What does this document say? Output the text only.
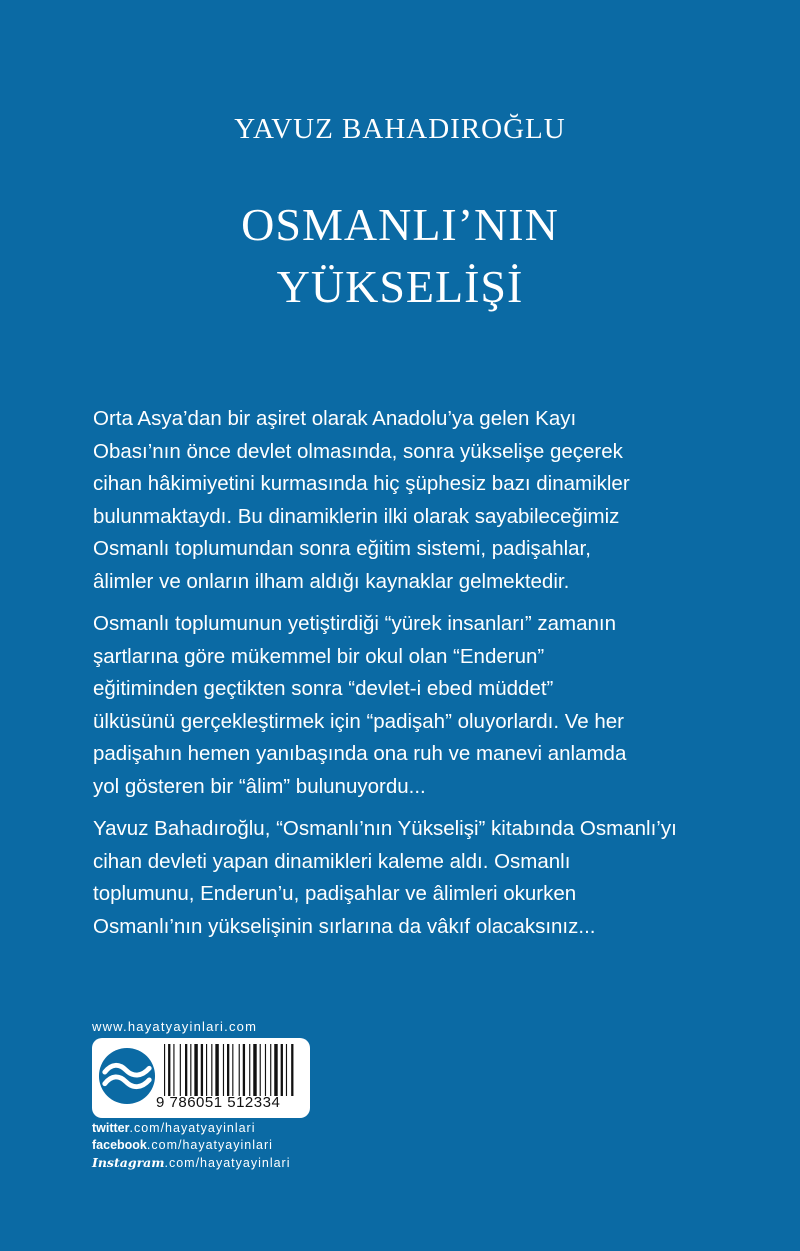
YAVUZ BAHADIROĞLU
OSMANLI’NIN
YÜKSELİŞİ

Orta Asya’dan bir aşiret olarak Anadolu’ya gelen Kayı
Obası’nın önce devlet olmasında, sonra yükselişe geçerek
cihan hâkimiyetini kurmasında hiç şüphesiz bazı dinamikler
bulunmaktaydı. Bu dinamiklerin ilki olarak sayabileceğimiz
Osmanlı toplumundan sonra eğitim sistemi, padişahlar,
âlimler ve onların ilham aldığı kaynaklar gelmektedir.

Osmanlı toplumunun yetiştirdiği “yürek insanları” zamanın
şartlarına göre mükemmel bir okul olan “Enderun”
eğitiminden geçtikten sonra “devlet-i ebed müddet”
ülküsünü gerçekleştirmek için “padişah” oluyorlardı. Ve her
padişahın hemen yanıbaşında ona ruh ve manevi anlamda
yol gösteren bir “âlim” bulunuyordu...

Yavuz Bahadıroğlu, “Osmanlı’nın Yükselişi” kitabında Osmanlı’yı
cihan devleti yapan dinamikleri kaleme aldı. Osmanlı
toplumunu, Enderun’u, padişahlar ve âlimleri okurken
Osmanlı’nın yükselişinin sırlarına da vâkıf olacaksınız...

www.hayatyayinlari.com
9 786051 512334
twitter.com/hayatyayinlari
facebook.com/hayatyayinlari
Instagram.com/hayatyayinlari
